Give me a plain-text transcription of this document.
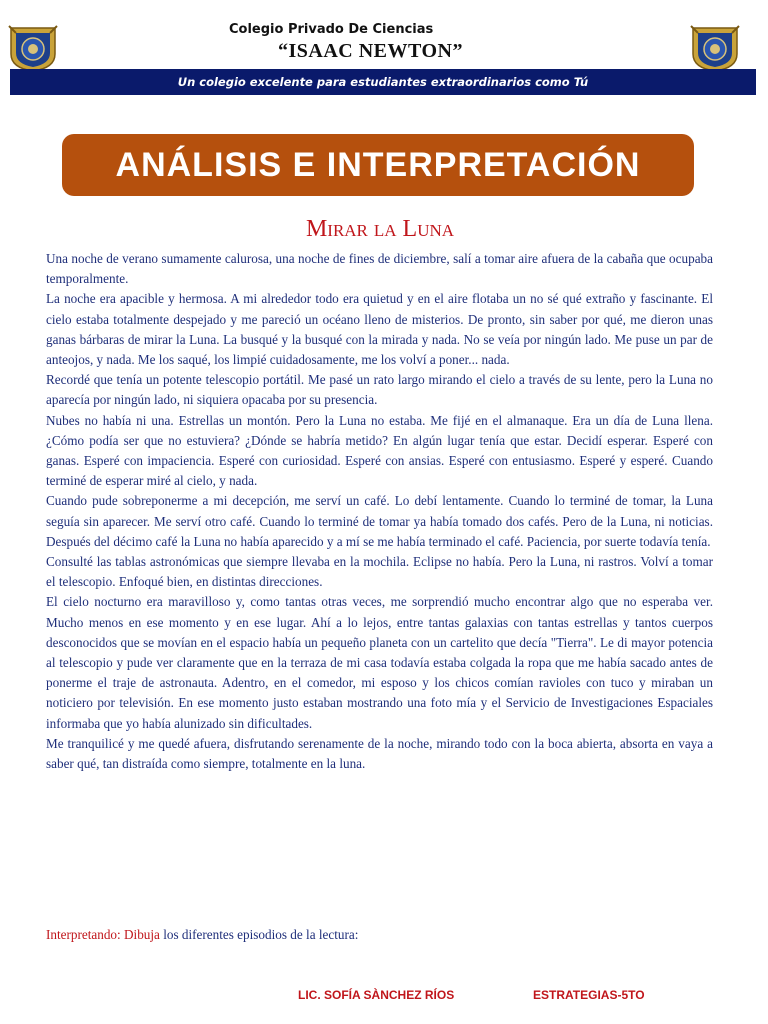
Colegio Privado De Ciencias
“ISAAC NEWTON”
Un colegio excelente para estudiantes extraordinarios como Tú
ANÁLISIS E INTERPRETACIÓN
Mirar la Luna

Una noche de verano sumamente calurosa, una noche de fines de diciembre, salí a tomar aire afuera de la cabaña que ocupaba temporalmente.

La noche era apacible y hermosa. A mi alrededor todo era quietud y en el aire flotaba un no sé qué extraño y fascinante. El cielo estaba totalmente despejado y me pareció un océano lleno de misterios. De pronto, sin saber por qué, me dieron unas ganas bárbaras de mirar la Luna. La busqué y la busqué con la mirada y nada. No se veía por ningún lado. Me puse un par de anteojos, y nada. Me los saqué, los limpié cuidadosamente, me los volví a poner... nada.

Recordé que tenía un potente telescopio portátil. Me pasé un rato largo mirando el cielo a través de su lente, pero la Luna no aparecía por ningún lado, ni siquiera opacaba por su presencia.

Nubes no había ni una. Estrellas un montón. Pero la Luna no estaba. Me fijé en el almanaque. Era un día de Luna llena. ¿Cómo podía ser que no estuviera? ¿Dónde se habría metido? En algún lugar tenía que estar. Decidí esperar. Esperé con ganas. Esperé con impaciencia. Esperé con curiosidad. Esperé con ansias. Esperé con entusiasmo. Esperé y esperé. Cuando terminé de esperar miré al cielo, y nada.

Cuando pude sobreponerme a mi decepción, me serví un café. Lo debí lentamente. Cuando lo terminé de tomar, la Luna seguía sin aparecer. Me serví otro café. Cuando lo terminé de tomar ya había tomado dos cafés. Pero de la Luna, ni noticias. Después del décimo café la Luna no había aparecido y a mí se me había terminado el café. Paciencia, por suerte todavía tenía.

Consulté las tablas astronómicas que siempre llevaba en la mochila. Eclipse no había. Pero la Luna, ni rastros. Volví a tomar el telescopio. Enfoqué bien, en distintas direcciones.

El cielo nocturno era maravilloso y, como tantas otras veces, me sorprendió mucho encontrar algo que no esperaba ver. Mucho menos en ese momento y en ese lugar. Ahí a lo lejos, entre tantas galaxias con tantas estrellas y tantos cuerpos desconocidos que se movían en el espacio había un pequeño planeta con un cartelito que decía "Tierra". Le di mayor potencia al telescopio y pude ver claramente que en la terraza de mi casa todavía estaba colgada la ropa que me había sacado antes de ponerme el traje de astronauta. Adentro, en el comedor, mi esposo y los chicos comían ravioles con tuco y miraban un noticiero por televisión. En ese momento justo estaban mostrando una foto mía y el Servicio de Investigaciones Espaciales informaba que yo había alunizado sin dificultades.

Me tranquilicé y me quedé afuera, disfrutando serenamente de la noche, mirando todo con la boca abierta, absorta en vaya a saber qué, tan distraída como siempre, totalmente en la luna.

Interpretando: Dibuja los diferentes episodios de la lectura:
LIC. SOFÍA SÀNCHEZ RÍOS	ESTRATEGIAS-5TO
